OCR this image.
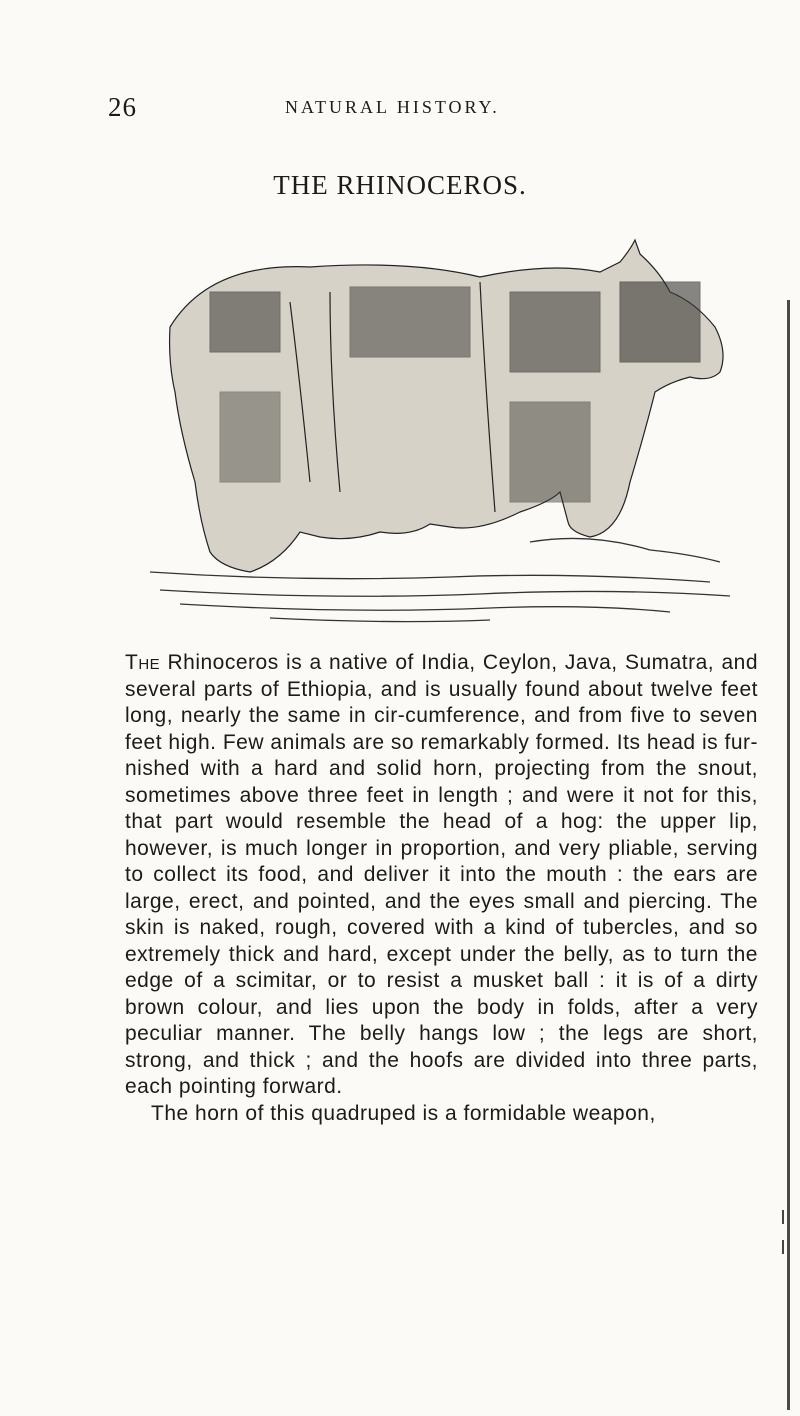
26	NATURAL HISTORY.
THE RHINOCEROS.

The Rhinoceros is a native of India, Ceylon, Java, Sumatra, and several parts of Ethiopia, and is usually found about twelve feet long, nearly the same in cir-cumference, and from five to seven feet high. Few animals are so remarkably formed. Its head is fur-nished with a hard and solid horn, projecting from the snout, sometimes above three feet in length ; and were it not for this, that part would resemble the head of a hog: the upper lip, however, is much longer in proportion, and very pliable, serving to collect its food, and deliver it into the mouth : the ears are large, erect, and pointed, and the eyes small and piercing. The skin is naked, rough, covered with a kind of tubercles, and so extremely thick and hard, except under the belly, as to turn the edge of a scimitar, or to resist a musket ball : it is of a dirty brown colour, and lies upon the body in folds, after a very peculiar manner. The belly hangs low ; the legs are short, strong, and thick ; and the hoofs are divided into three parts, each pointing forward.

The horn of this quadruped is a formidable weapon,
